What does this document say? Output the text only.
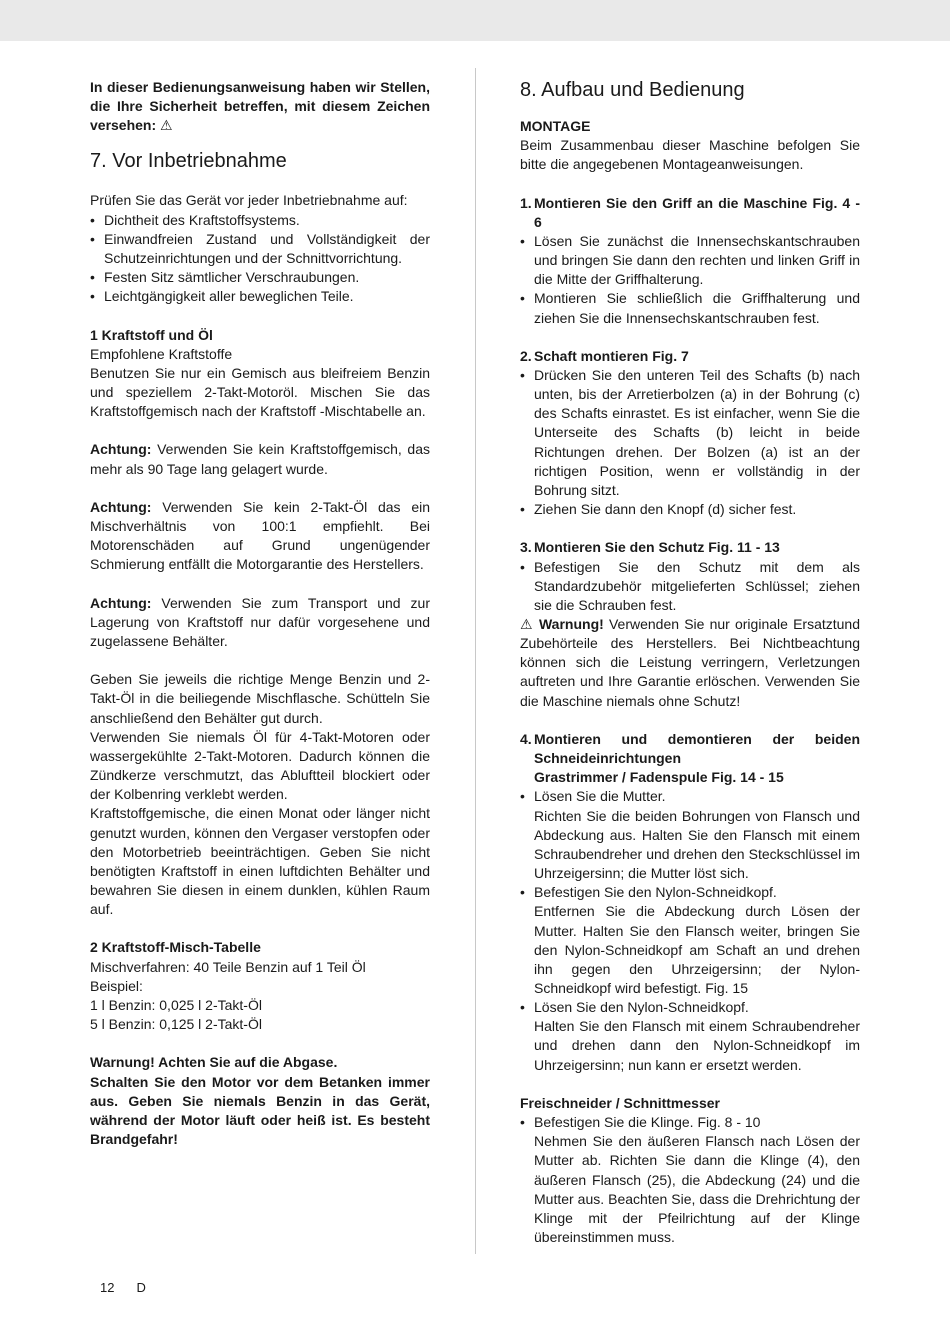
In dieser Bedienungsanweisung haben wir Stellen, die Ihre Sicherheit betreffen, mit diesem Zeichen versehen: ⚠

7. Vor Inbetriebnahme

Prüfen Sie das Gerät vor jeder Inbetriebnahme auf:

• Dichtheit des Kraftstoffsystems.
• Einwandfreien Zustand und Vollständigkeit der Schutzeinrichtungen und der Schnittvorrichtung.
• Festen Sitz sämtlicher Verschraubungen.
• Leichtgängigkeit aller beweglichen Teile.

1 Kraftstoff und Öl

Empfohlene Kraftstoffe

Benutzen Sie nur ein Gemisch aus bleifreiem Benzin und speziellem 2-Takt-Motoröl. Mischen Sie das Kraftstoffgemisch nach der Kraftstoff -Mischtabelle an.

Achtung: Verwenden Sie kein Kraftstoffgemisch, das mehr als 90 Tage lang gelagert wurde.

Achtung: Verwenden Sie kein 2-Takt-Öl das ein Mischverhältnis von 100:1 empfiehlt. Bei Motorenschäden auf Grund ungenügender Schmierung entfällt die Motorgarantie des Herstellers.

Achtung: Verwenden Sie zum Transport und zur Lagerung von Kraftstoff nur dafür vorgesehene und zugelassene Behälter.

Geben Sie jeweils die richtige Menge Benzin und 2-Takt-Öl in die beiliegende Mischflasche. Schütteln Sie anschließend den Behälter gut durch.

Verwenden Sie niemals Öl für 4-Takt-Motoren oder wassergekühlte 2-Takt-Motoren. Dadurch können die Zündkerze verschmutzt, das Abluftteil blockiert oder der Kolbenring verklebt werden.

Kraftstoffgemische, die einen Monat oder länger nicht genutzt wurden, können den Vergaser verstopfen oder den Motorbetrieb beeinträchtigen. Geben Sie nicht benötigten Kraftstoff in einen luftdichten Behälter und bewahren Sie diesen in einem dunklen, kühlen Raum auf.

2 Kraftstoff-Misch-Tabelle

Mischverfahren: 40 Teile Benzin auf 1 Teil Öl

Beispiel:

1 l Benzin: 0,025 l 2-Takt-Öl

5 l Benzin: 0,125 l 2-Takt-Öl

Warnung! Achten Sie auf die Abgase.

Schalten Sie den Motor vor dem Betanken immer aus. Geben Sie niemals Benzin in das Gerät, während der Motor läuft oder heiß ist. Es besteht Brandgefahr!

8. Aufbau und Bedienung

MONTAGE

Beim Zusammenbau dieser Maschine befolgen Sie bitte die angegebenen Montageanweisungen.

1. Montieren Sie den Griff an die Maschine Fig. 4 - 6

• Lösen Sie zunächst die Innensechskantschrauben und bringen Sie dann den rechten und linken Griff in die Mitte der Griffhalterung.
• Montieren Sie schließlich die Griffhalterung und ziehen Sie die Innensechskantschrauben fest.

2. Schaft montieren Fig. 7

• Drücken Sie den unteren Teil des Schafts (b) nach unten, bis der Arretierbolzen (a) in der Bohrung (c) des Schafts einrastet. Es ist einfacher, wenn Sie die Unterseite des Schafts (b) leicht in beide Richtungen drehen. Der Bolzen (a) ist an der richtigen Position, wenn er vollständig in der Bohrung sitzt.
• Ziehen Sie dann den Knopf (d) sicher fest.

3. Montieren Sie den Schutz Fig. 11 - 13

• Befestigen Sie den Schutz mit dem als Standardzubehör mitgelieferten Schlüssel; ziehen sie die Schrauben fest.

⚠ Warnung! Verwenden Sie nur originale Ersatztund Zubehörteile des Herstellers. Bei Nichtbeachtung können sich die Leistung verringern, Verletzungen auftreten und Ihre Garantie erlöschen. Verwenden Sie die Maschine niemals ohne Schutz!

4. Montieren und demontieren der beiden Schneideinrichtungen

Grastrimmer / Fadenspule Fig. 14 - 15

• Lösen Sie die Mutter.
Richten Sie die beiden Bohrungen von Flansch und Abdeckung aus. Halten Sie den Flansch mit einem Schraubendreher und drehen den Steckschlüssel im Uhrzeigersinn; die Mutter löst sich.
• Befestigen Sie den Nylon-Schneidkopf.
Entfernen Sie die Abdeckung durch Lösen der Mutter. Halten Sie den Flansch weiter, bringen Sie den Nylon-Schneidkopf am Schaft an und drehen ihn gegen den Uhrzeigersinn; der Nylon-Schneidkopf wird befestigt. Fig. 15
• Lösen Sie den Nylon-Schneidkopf.
Halten Sie den Flansch mit einem Schraubendreher und drehen dann den Nylon-Schneidkopf im Uhrzeigersinn; nun kann er ersetzt werden.

Freischneider / Schnittmesser

• Befestigen Sie die Klinge. Fig. 8 - 10
Nehmen Sie den äußeren Flansch nach Lösen der Mutter ab. Richten Sie dann die Klinge (4), den äußeren Flansch (25), die Abdeckung (24) und die Mutter aus. Beachten Sie, dass die Drehrichtung der Klinge mit der Pfeilrichtung auf der Klinge übereinstimmen muss.
12 D
